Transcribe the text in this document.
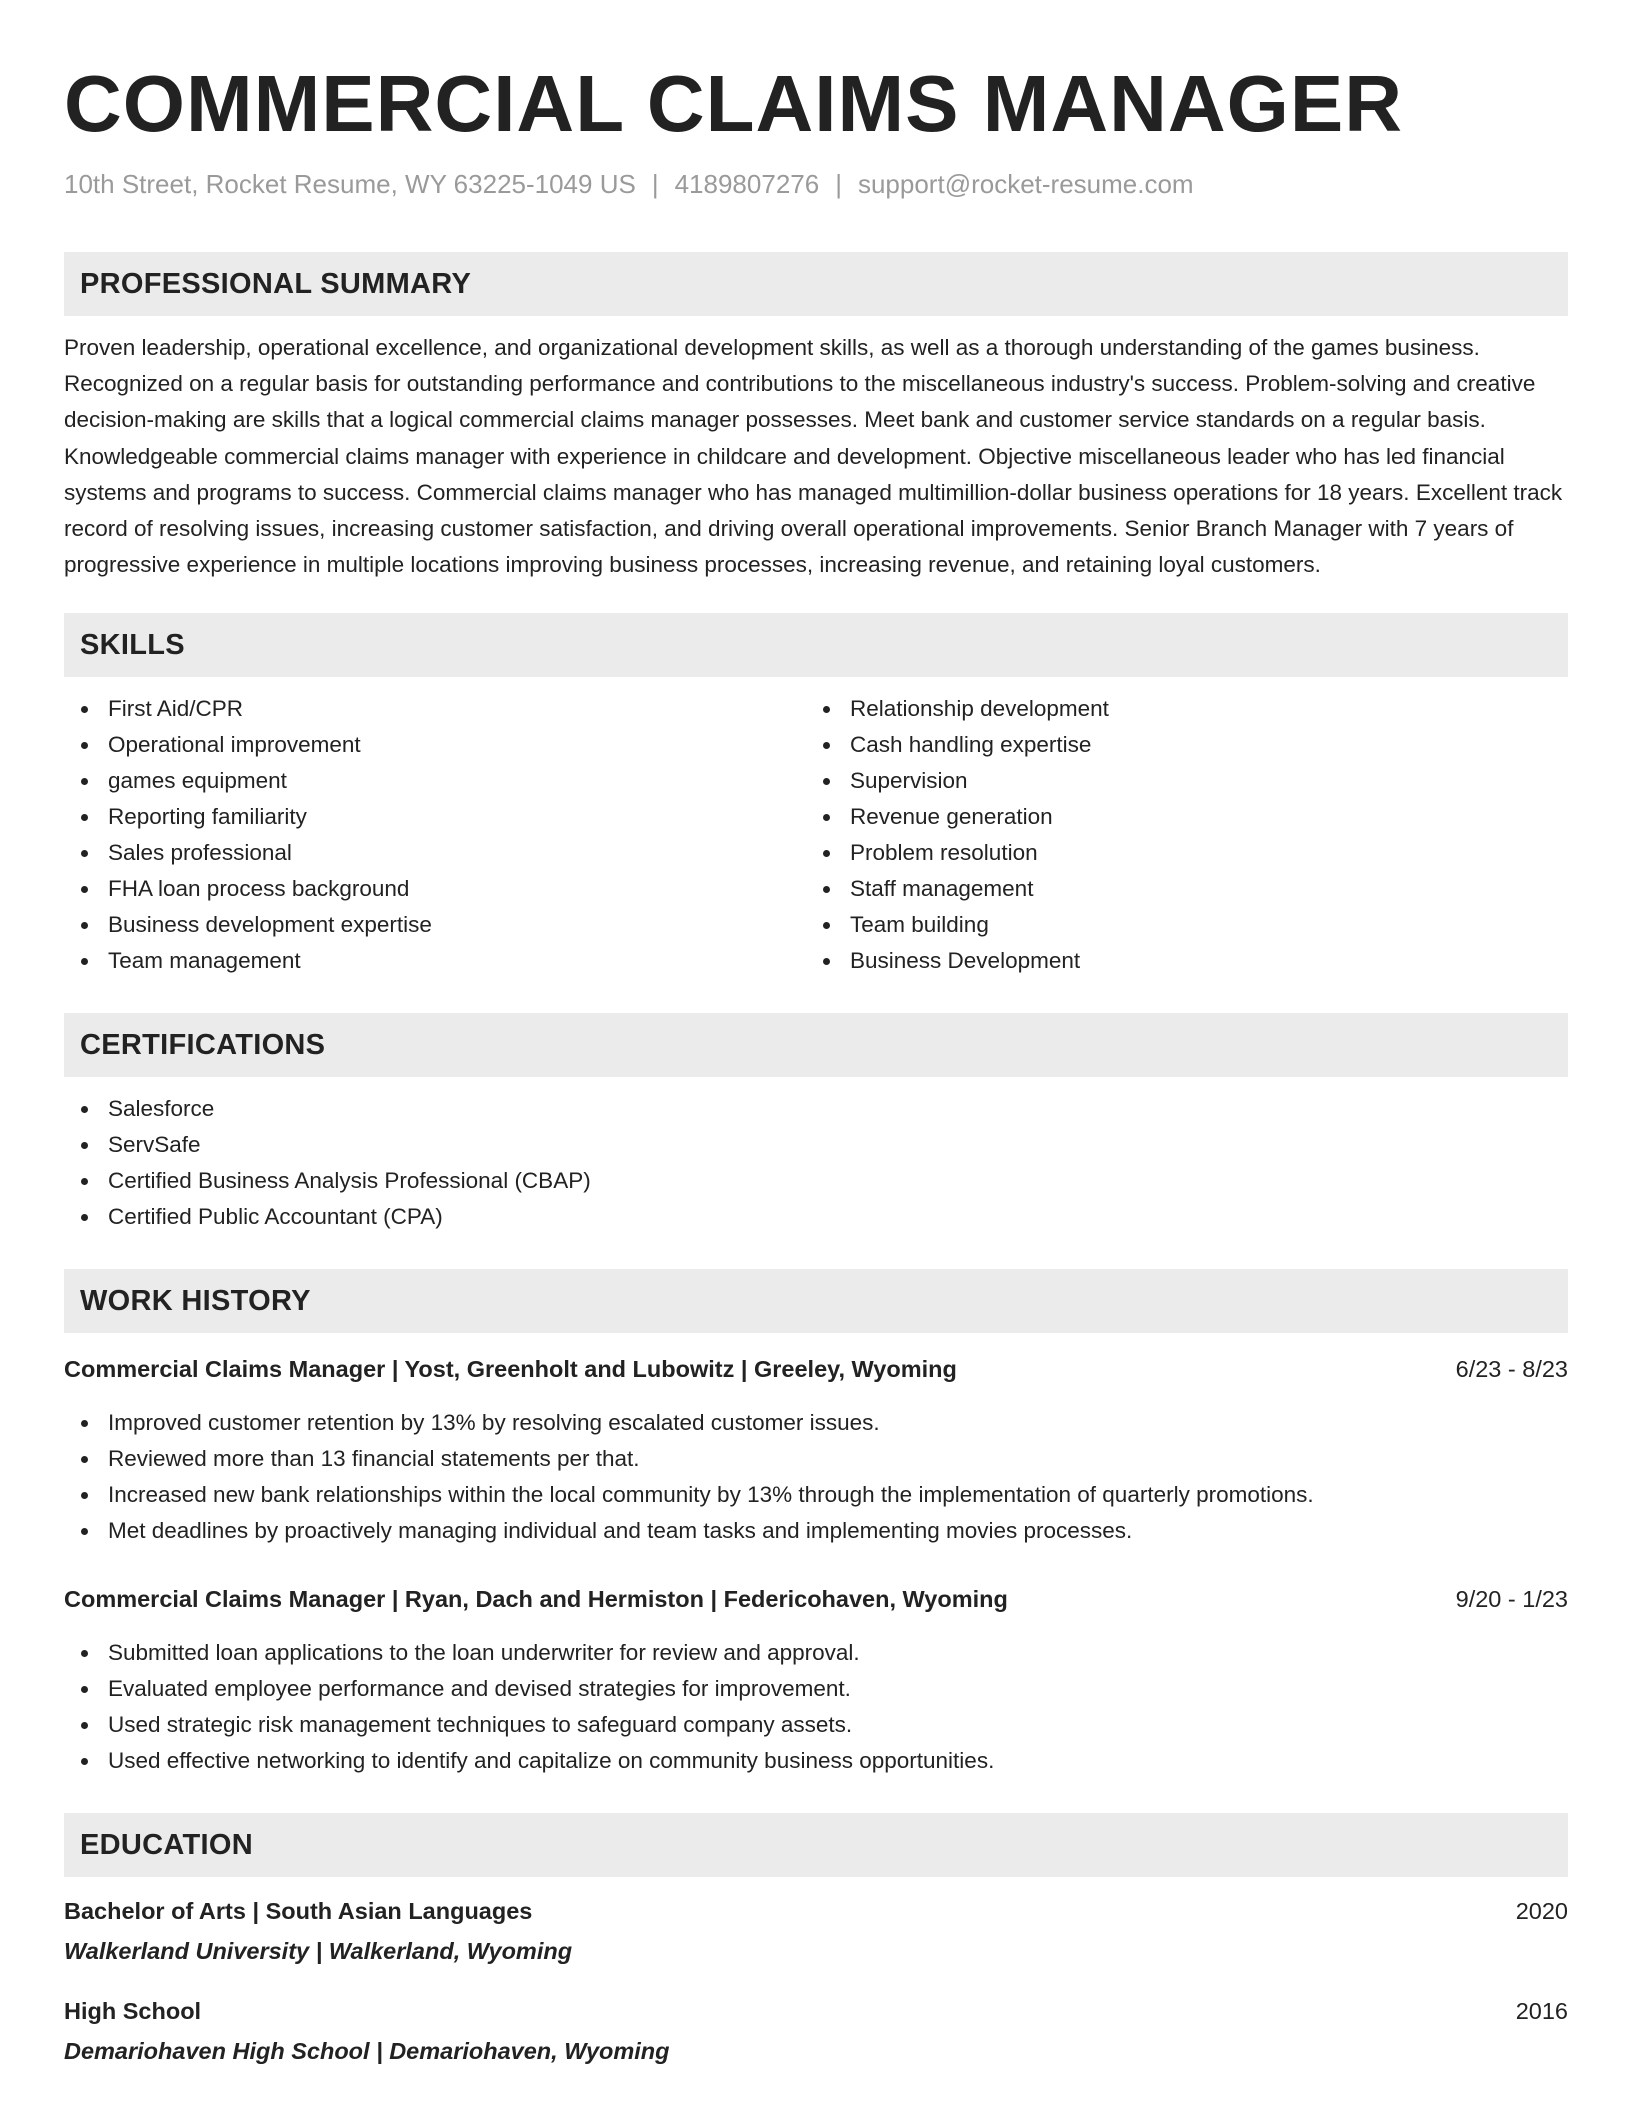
COMMERCIAL CLAIMS MANAGER
10th Street, Rocket Resume, WY 63225-1049 US | 4189807276 | support@rocket-resume.com
PROFESSIONAL SUMMARY

Proven leadership, operational excellence, and organizational development skills, as well as a thorough understanding of the games business. Recognized on a regular basis for outstanding performance and contributions to the miscellaneous industry's success. Problem-solving and creative decision-making are skills that a logical commercial claims manager possesses. Meet bank and customer service standards on a regular basis. Knowledgeable commercial claims manager with experience in childcare and development. Objective miscellaneous leader who has led financial systems and programs to success. Commercial claims manager who has managed multimillion-dollar business operations for 18 years. Excellent track record of resolving issues, increasing customer satisfaction, and driving overall operational improvements. Senior Branch Manager with 7 years of progressive experience in multiple locations improving business processes, increasing revenue, and retaining loyal customers.

SKILLS
First Aid/CPR
Operational improvement
games equipment
Reporting familiarity
Sales professional
FHA loan process background
Business development expertise
Team management
Relationship development
Cash handling expertise
Supervision
Revenue generation
Problem resolution
Staff management
Team building
Business Development
CERTIFICATIONS
Salesforce
ServSafe
Certified Business Analysis Professional (CBAP)
Certified Public Accountant (CPA)
WORK HISTORY
Commercial Claims Manager | Yost, Greenholt and Lubowitz | Greeley, Wyoming	6/23 - 8/23
Improved customer retention by 13% by resolving escalated customer issues.
Reviewed more than 13 financial statements per that.
Increased new bank relationships within the local community by 13% through the implementation of quarterly promotions.
Met deadlines by proactively managing individual and team tasks and implementing movies processes.
Commercial Claims Manager | Ryan, Dach and Hermiston | Federicohaven, Wyoming	9/20 - 1/23
Submitted loan applications to the loan underwriter for review and approval.
Evaluated employee performance and devised strategies for improvement.
Used strategic risk management techniques to safeguard company assets.
Used effective networking to identify and capitalize on community business opportunities.
EDUCATION
Bachelor of Arts | South Asian Languages	2020
Walkerland University | Walkerland, Wyoming
High School	2016
Demariohaven High School | Demariohaven, Wyoming
